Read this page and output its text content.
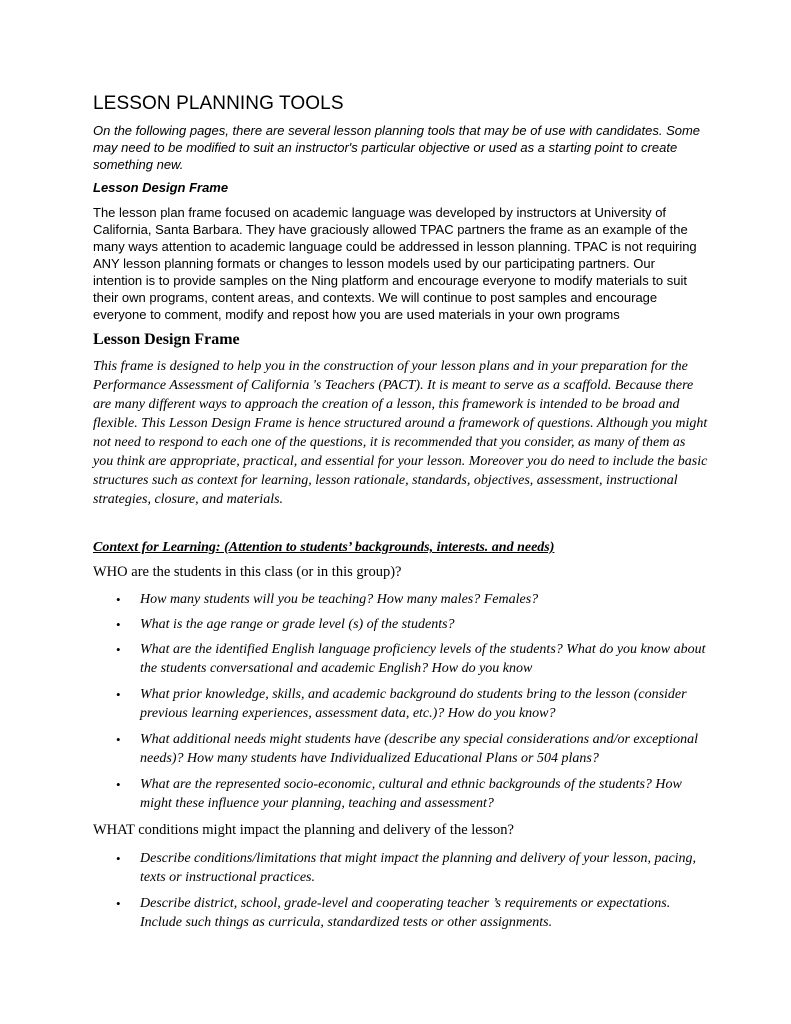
LESSON PLANNING TOOLS

On the following pages, there are several lesson planning tools that may be of use with candidates. Some may need to be modified to suit an instructor's particular objective or used as a starting point to create something new.

Lesson Design Frame

The lesson plan frame focused on academic language was developed by instructors at University of California, Santa Barbara. They have graciously allowed TPAC partners the frame as an example of the many ways attention to academic language could be addressed in lesson planning. TPAC is not requiring ANY lesson planning formats or changes to lesson models used by our participating partners. Our intention is to provide samples on the Ning platform and encourage everyone to modify materials to suit their own programs, content areas, and contexts. We will continue to post samples and encourage everyone to comment, modify and repost how you are used materials in your own programs

Lesson Design Frame

This frame is designed to help you in the construction of your lesson plans and in your preparation for the Performance Assessment of California 's Teachers (PACT). It is meant to serve as a scaffold. Because there are many different ways to approach the creation of a lesson, this framework is intended to be broad and flexible. This Lesson Design Frame is hence structured around a framework of questions. Although you might not need to respond to each one of the questions, it is recommended that you consider, as many of them as you think are appropriate, practical, and essential for your lesson. Moreover you do need to include the basic structures such as context for learning, lesson rationale, standards, objectives, assessment, instructional strategies, closure, and materials.

Context for Learning: (Attention to students’ backgrounds, interests. and needs)

WHO are the students in this class (or in this group)?

• How many students will you be teaching? How many males? Females?
• What is the age range or grade level (s) of the students?
• What are the identified English language proficiency levels of the students? What do you know about the students conversational and academic English? How do you know
• What prior knowledge, skills, and academic background do students bring to the lesson (consider previous learning experiences, assessment data, etc.)? How do you know?
• What additional needs might students have (describe any special considerations and/or exceptional needs)? How many students have Individualized Educational Plans or 504 plans?
• What are the represented socio-economic, cultural and ethnic backgrounds of the students? How might these influence your planning, teaching and assessment?

WHAT conditions might impact the planning and delivery of the lesson?

• Describe conditions/limitations that might impact the planning and delivery of your lesson, pacing, texts or instructional practices.
• Describe district, school, grade-level and cooperating teacher ’s requirements or expectations. Include such things as curricula, standardized tests or other assignments.
